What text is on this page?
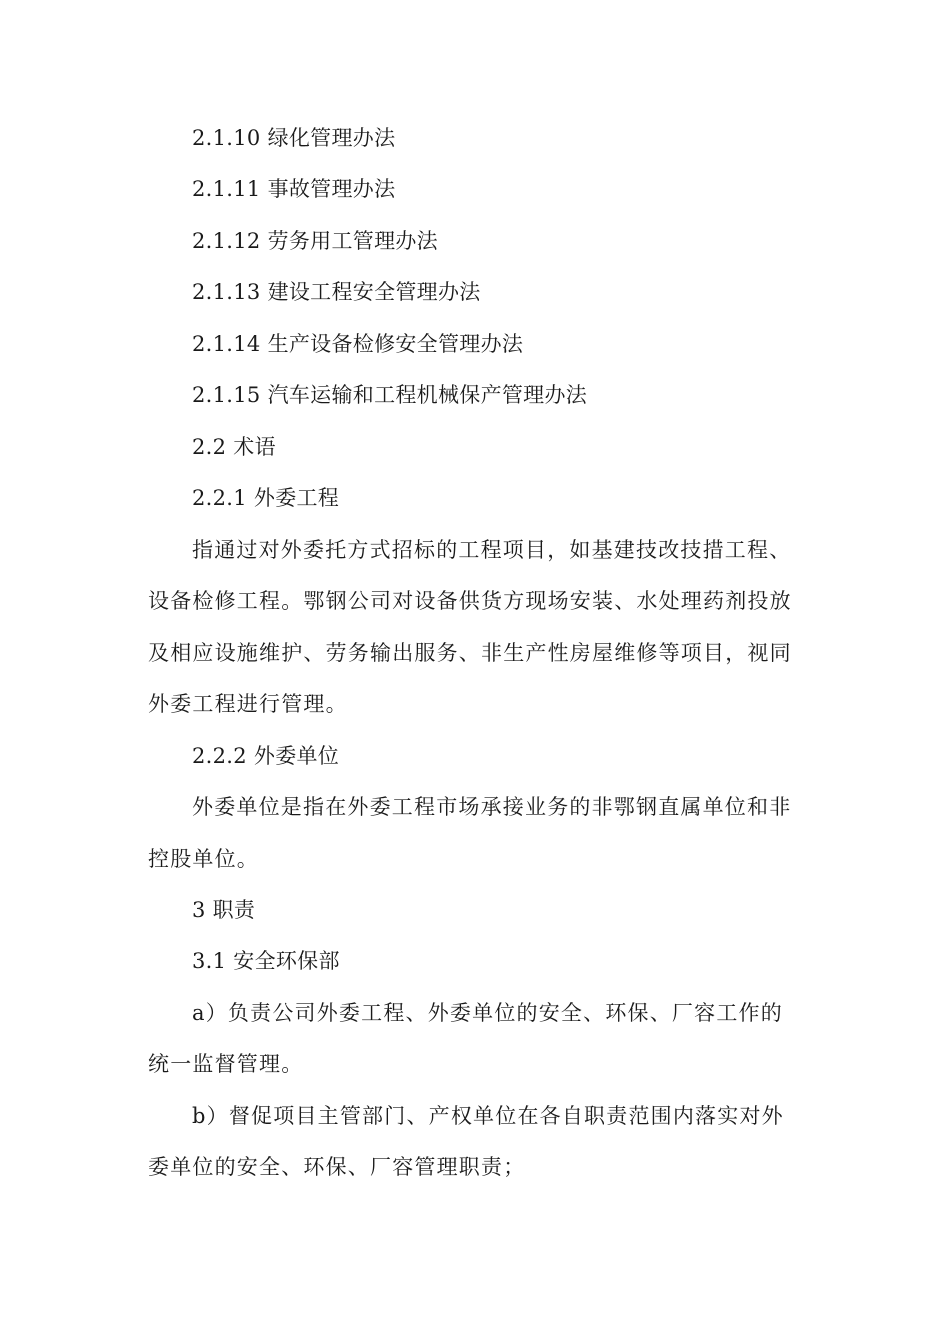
2.1.10 绿化管理办法
2.1.11 事故管理办法
2.1.12 劳务用工管理办法
2.1.13 建设工程安全管理办法
2.1.14 生产设备检修安全管理办法
2.1.15 汽车运输和工程机械保产管理办法
2.2 术语
2.2.1 外委工程
指通过对外委托方式招标的工程项目，如基建技改技措工程、
设备检修工程。鄂钢公司对设备供货方现场安装、水处理药剂投放
及相应设施维护、劳务输出服务、非生产性房屋维修等项目，视同
外委工程进行管理。
2.2.2 外委单位
外委单位是指在外委工程市场承接业务的非鄂钢直属单位和非
控股单位。
3 职责
3.1 安全环保部
a）负责公司外委工程、外委单位的安全、环保、厂容工作的
统一监督管理。
b）督促项目主管部门、产权单位在各自职责范围内落实对外
委单位的安全、环保、厂容管理职责；
